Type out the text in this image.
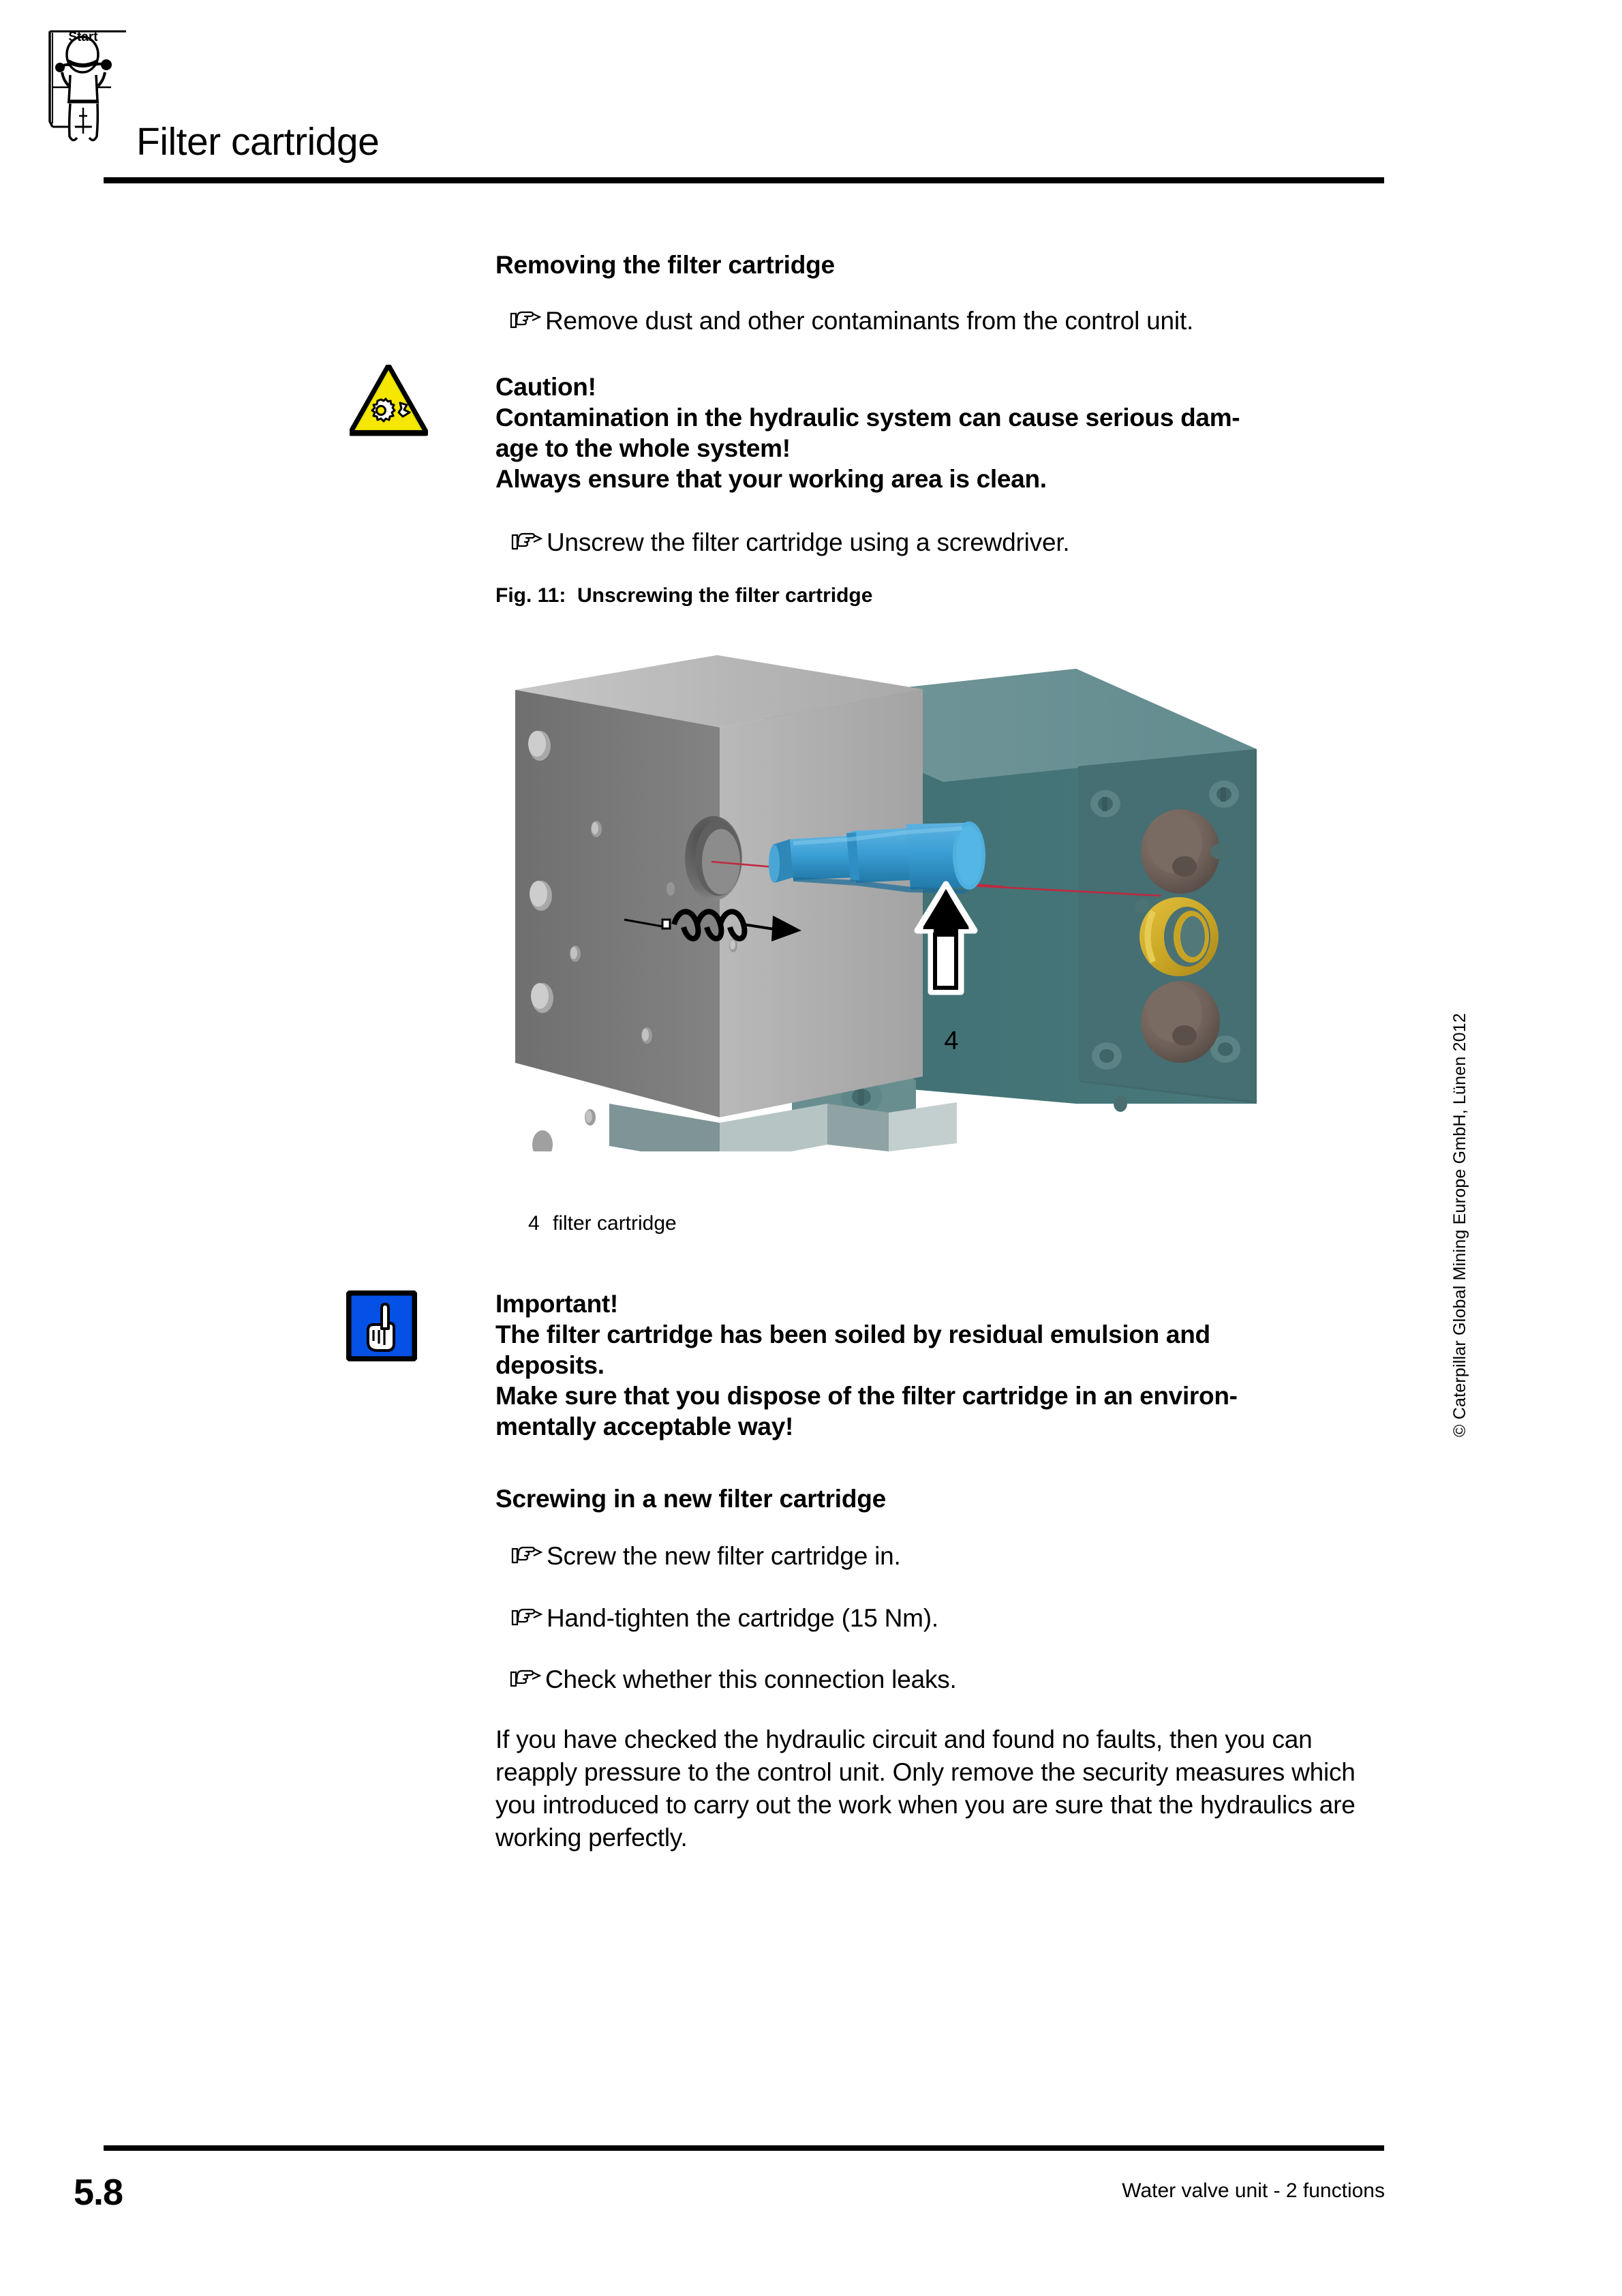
Start
Filter cartridge
Removing the filter cartridge
Remove dust and other contaminants from the control unit.
Caution!
Contamination in the hydraulic system can cause serious dam-
age to the whole system!
Always ensure that your working area is clean.
Unscrew the filter cartridge using a screwdriver.
Fig. 11: Unscrewing the filter cartridge
4
4 filter cartridge
Important!
The filter cartridge has been soiled by residual emulsion and
deposits.
Make sure that you dispose of the filter cartridge in an environ-
mentally acceptable way!
Screwing in a new filter cartridge
Screw the new filter cartridge in.
Hand-tighten the cartridge (15 Nm).
Check whether this connection leaks.
If you have checked the hydraulic circuit and found no faults, then you can reapply pressure to the control unit. Only remove the security measures which you introduced to carry out the work when you are sure that the hydraulics are working perfectly.
© Caterpillar Global Mining Europe GmbH, Lünen 2012
5.8	Water valve unit - 2 functions
